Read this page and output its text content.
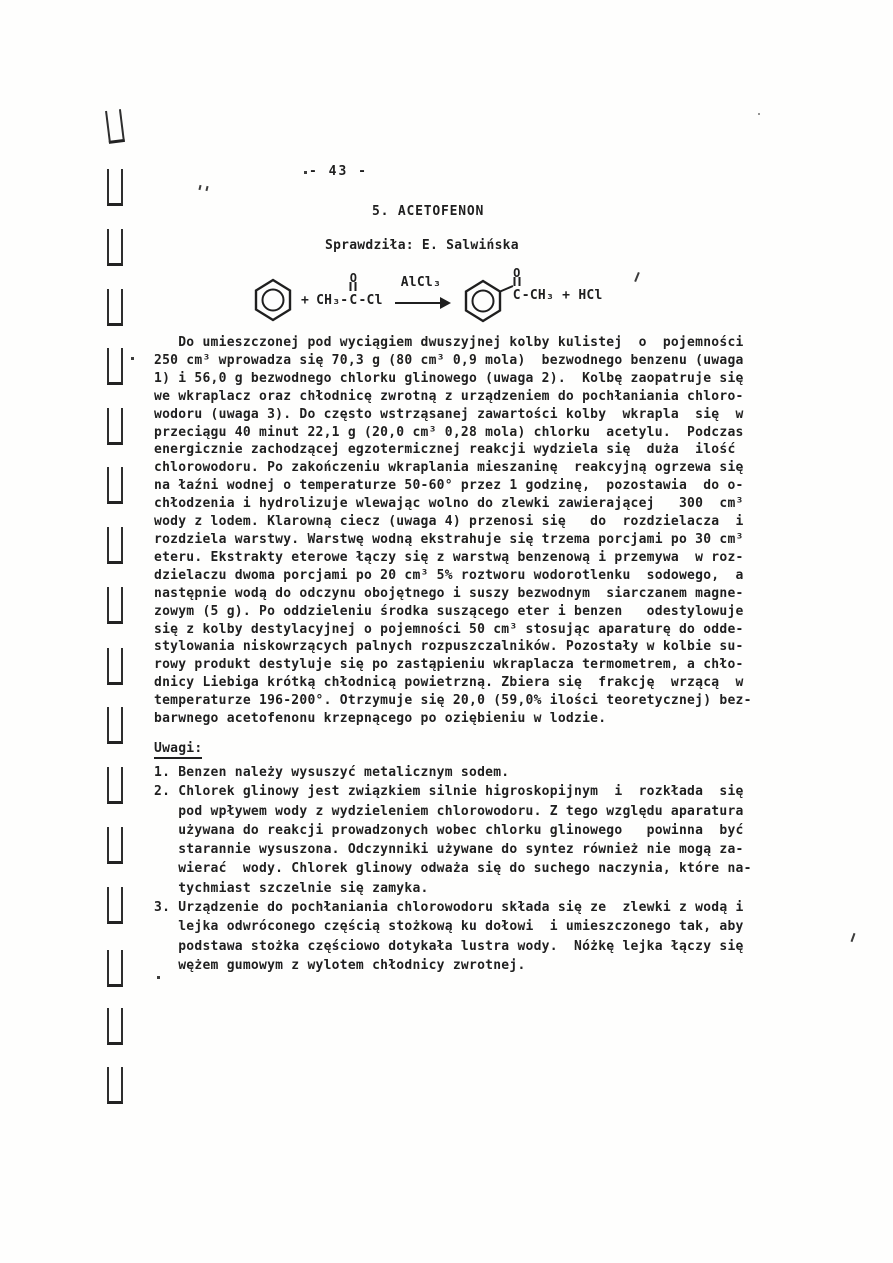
- 43 -
5. ACETOFENON
Sprawdziła: E. Salwińska
+ CH₃-
O
C -Cl

AlCl₃

O
C-CH₃ + HCl
Do umieszczonej pod wyciągiem dwuszyjnej kolby kulistej  o  pojemności
250 cm³ wprowadza się 70,3 g (80 cm³ 0,9 mola)  bezwodnego benzenu (uwaga
1) i 56,0 g bezwodnego chlorku glinowego (uwaga 2).  Kolbę zaopatruje się
we wkraplacz oraz chłodnicę zwrotną z urządzeniem do pochłaniania chloro-
wodoru (uwaga 3). Do często wstrząsanej zawartości kolby  wkrapla  się  w
przeciągu 40 minut 22,1 g (20,0 cm³ 0,28 mola) chlorku  acetylu.  Podczas
energicznie zachodzącej egzotermicznej reakcji wydziela się  duża  ilość
chlorowodoru. Po zakończeniu wkraplania mieszaninę  reakcyjną ogrzewa się
na łaźni wodnej o temperaturze 50-60° przez 1 godzinę,  pozostawia  do o-
chłodzenia i hydrolizuje wlewając wolno do zlewki zawierającej   300  cm³
wody z lodem. Klarowną ciecz (uwaga 4) przenosi się   do  rozdzielacza  i
rozdziela warstwy. Warstwę wodną ekstrahuje się trzema porcjami po 30 cm³
eteru. Ekstrakty eterowe łączy się z warstwą benzenową i przemywa  w roz-
dzielaczu dwoma porcjami po 20 cm³ 5% roztworu wodorotlenku  sodowego,  a
następnie wodą do odczynu obojętnego i suszy bezwodnym  siarczanem magne-
zowym (5 g). Po oddzieleniu środka suszącego eter i benzen   odestylowuje
się z kolby destylacyjnej o pojemności 50 cm³ stosując aparaturę do odde-
stylowania niskowrzących palnych rozpuszczalników. Pozostały w kolbie su-
rowy produkt destyluje się po zastąpieniu wkraplacza termometrem, a chło-
dnicy Liebiga krótką chłodnicą powietrzną. Zbiera się  frakcję  wrzącą  w
temperaturze 196-200°. Otrzymuje się 20,0 (59,0% ilości teoretycznej) bez-
barwnego acetofenonu krzepnącego po oziębieniu w lodzie.
Uwagi:
1. Benzen należy wysuszyć metalicznym sodem.
2. Chlorek glinowy jest związkiem silnie higroskopijnym  i  rozkłada  się
pod wpływem wody z wydzieleniem chlorowodoru. Z tego względu aparatura
używana do reakcji prowadzonych wobec chlorku glinowego   powinna  być
starannie wysuszona. Odczynniki używane do syntez również nie mogą za-
wierać  wody. Chlorek glinowy odważa się do suchego naczynia, które na-
tychmiast szczelnie się zamyka.
3. Urządzenie do pochłaniania chlorowodoru składa się ze  zlewki z wodą i
lejka odwróconego częścią stożkową ku dołowi  i umieszczonego tak, aby
podstawa stożka częściowo dotykała lustra wody.  Nóżkę lejka łączy się
wężem gumowym z wylotem chłodnicy zwrotnej.
